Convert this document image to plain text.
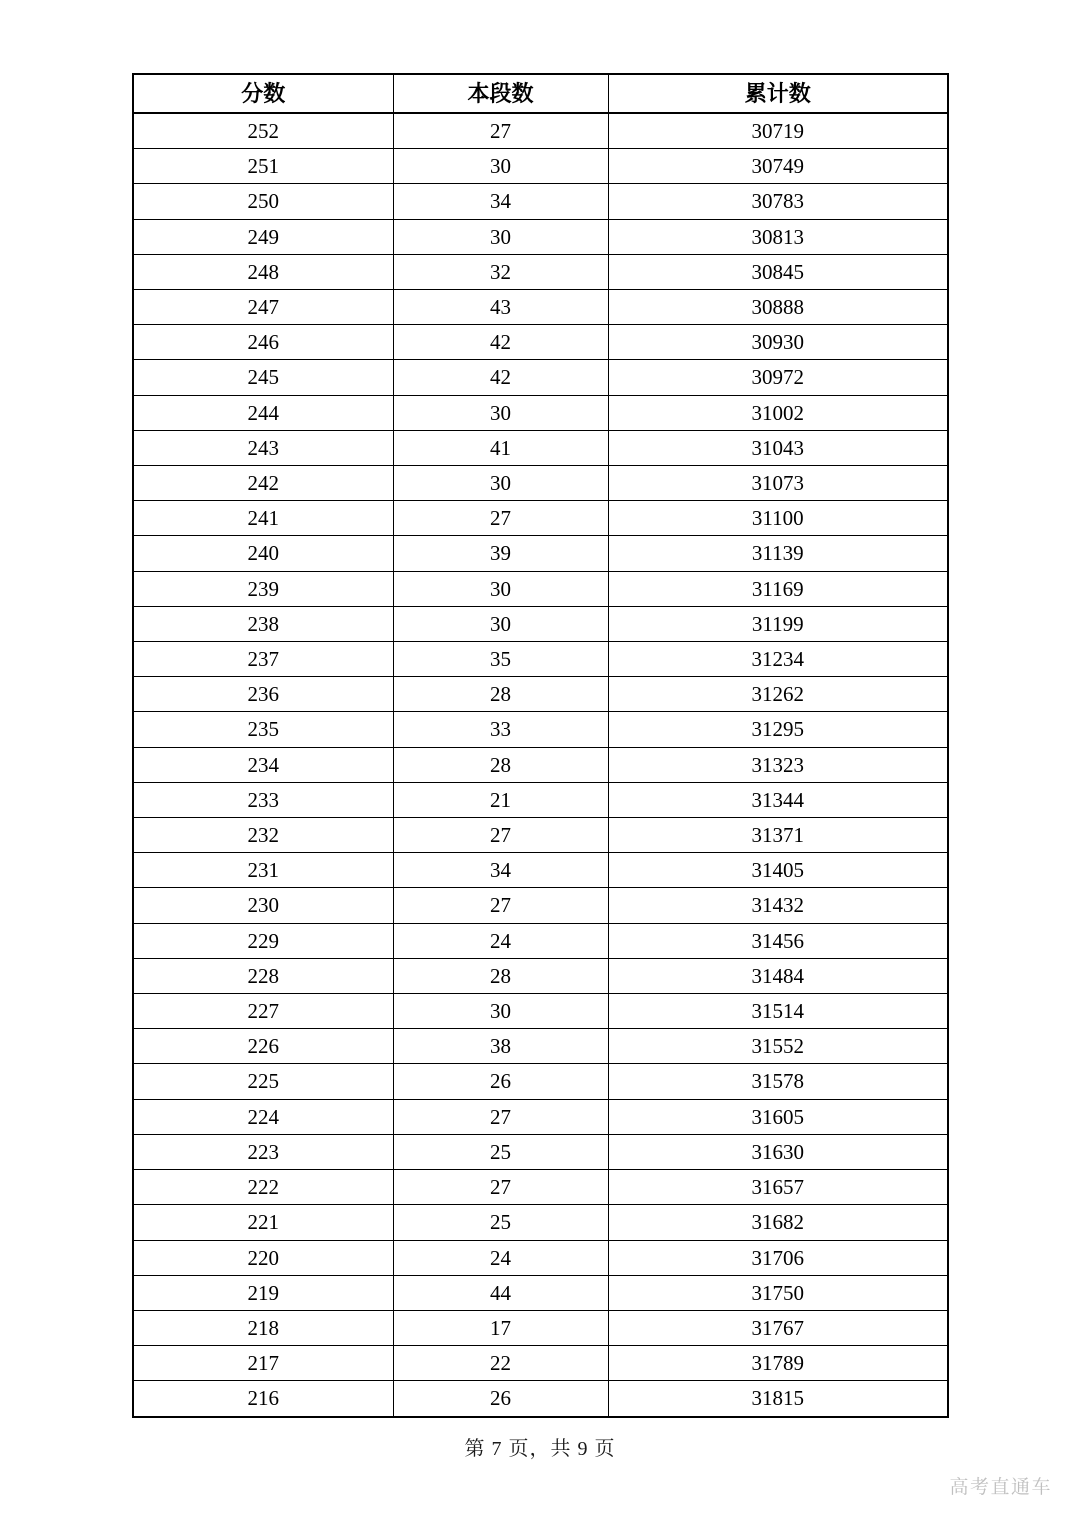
分数	本段数	累计数
252	27	30719
251	30	30749
250	34	30783
249	30	30813
248	32	30845
247	43	30888
246	42	30930
245	42	30972
244	30	31002
243	41	31043
242	30	31073
241	27	31100
240	39	31139
239	30	31169
238	30	31199
237	35	31234
236	28	31262
235	33	31295
234	28	31323
233	21	31344
232	27	31371
231	34	31405
230	27	31432
229	24	31456
228	28	31484
227	30	31514
226	38	31552
225	26	31578
224	27	31605
223	25	31630
222	27	31657
221	25	31682
220	24	31706
219	44	31750
218	17	31767
217	22	31789
216	26	31815
第 7 页，共 9 页
高考直通车
